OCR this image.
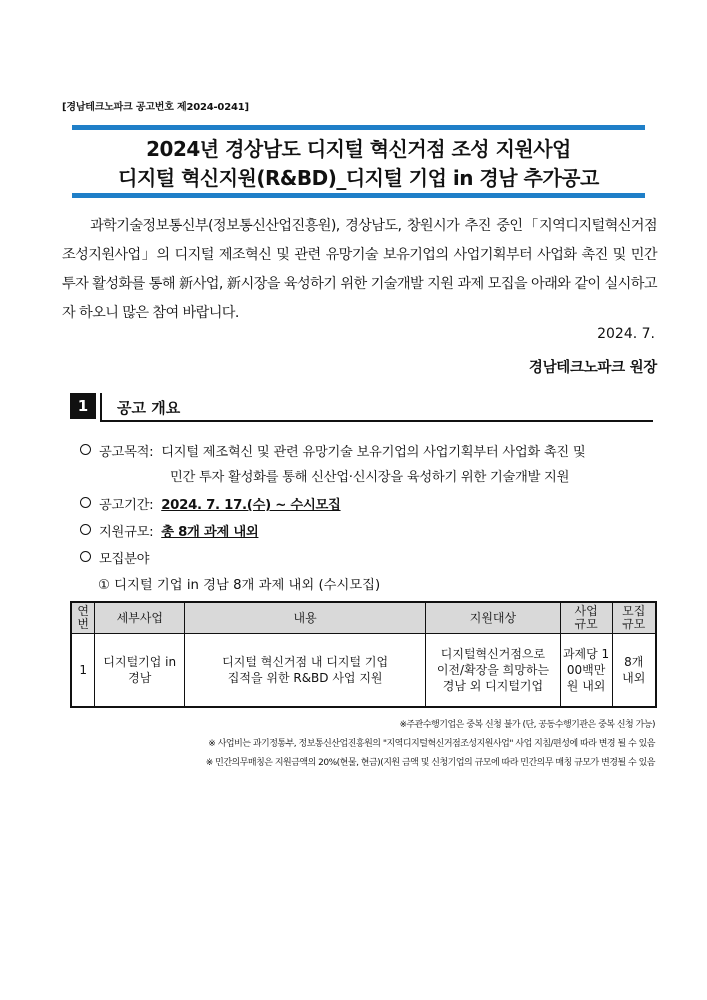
[경남테크노파크 공고번호 제2024-0241]
2024년 경상남도 디지털 혁신거점 조성 지원사업
디지털 혁신지원(R&BD)_디지털 기업 in 경남 추가공고
과학기술정보통신부(정보통신산업진흥원), 경상남도, 창원시가 추진 중인「지역디지털혁신거점조성지원사업」의 디지털 제조혁신 및 관련 유망기술 보유기업의 사업기획부터 사업화 촉진 및 민간 투자 활성화를 통해 新사업, 新시장을 육성하기 위한 기술개발 지원 과제 모집을 아래와 같이 실시하고자 하오니 많은 참여 바랍니다.
2024. 7.
경남테크노파크 원장
1	공고 개요
공고목적: 디지털 제조혁신 및 관련 유망기술 보유기업의 사업기획부터 사업화 촉진 및
민간 투자 활성화를 통해 신산업·신시장을 육성하기 위한 기술개발 지원
공고기간: 2024. 7. 17.(수) ~ 수시모집
지원규모: 총 8개 과제 내외
모집분야
① 디지털 기업 in 경남 8개 과제 내외 (수시모집)
연번	세부사업	내용	지원대상	사업규모	모집규모

1	디지털기업 in 경남	디지털 혁신거점 내 디지털 기업 집적을 위한 R&BD 사업 지원	디지털혁신거점으로 이전/확장을 희망하는 경남 외 디지털기업	과제당 100백만 원 내외	8개 내외
※주관수행기업은 중복 신청 불가 (단, 공동수행기관은 중복 신청 가능)
※ 사업비는 과기정통부, 정보통신산업진흥원의 "지역디지털혁신거점조성지원사업" 사업 지침/편성에 따라 변경 될 수 있음
※ 민간의무매칭은 지원금액의 20%(현물, 현금)(지원 금액 및 신청기업의 규모에 따라 민간의무 매칭 규모가 변경될 수 있음
